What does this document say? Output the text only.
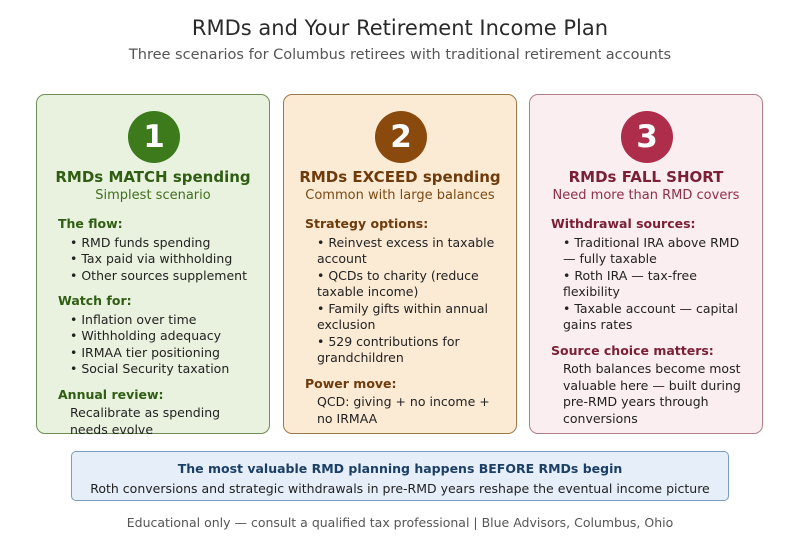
RMDs and Your Retirement Income Plan
Three scenarios for Columbus retirees with traditional retirement accounts
1
RMDs MATCH spending
Simplest scenario
The flow:
• RMD funds spending
• Tax paid via withholding
• Other sources supplement
Watch for:
• Inflation over time
• Withholding adequacy
• IRMAA tier positioning
• Social Security taxation
Annual review:
Recalibrate as spending needs evolve
2
RMDs EXCEED spending
Common with large balances
Strategy options:
• Reinvest excess in taxable account
• QCDs to charity (reduce taxable income)
• Family gifts within annual exclusion
• 529 contributions for grandchildren
Power move:
QCD: giving + no income + no IRMAA
3
RMDs FALL SHORT
Need more than RMD covers
Withdrawal sources:
• Traditional IRA above RMD — fully taxable
• Roth IRA — tax-free flexibility
• Taxable account — capital gains rates
Source choice matters:
Roth balances become most valuable here — built during pre-RMD years through conversions
The most valuable RMD planning happens BEFORE RMDs begin
Roth conversions and strategic withdrawals in pre-RMD years reshape the eventual income picture
Educational only — consult a qualified tax professional | Blue Advisors, Columbus, Ohio
